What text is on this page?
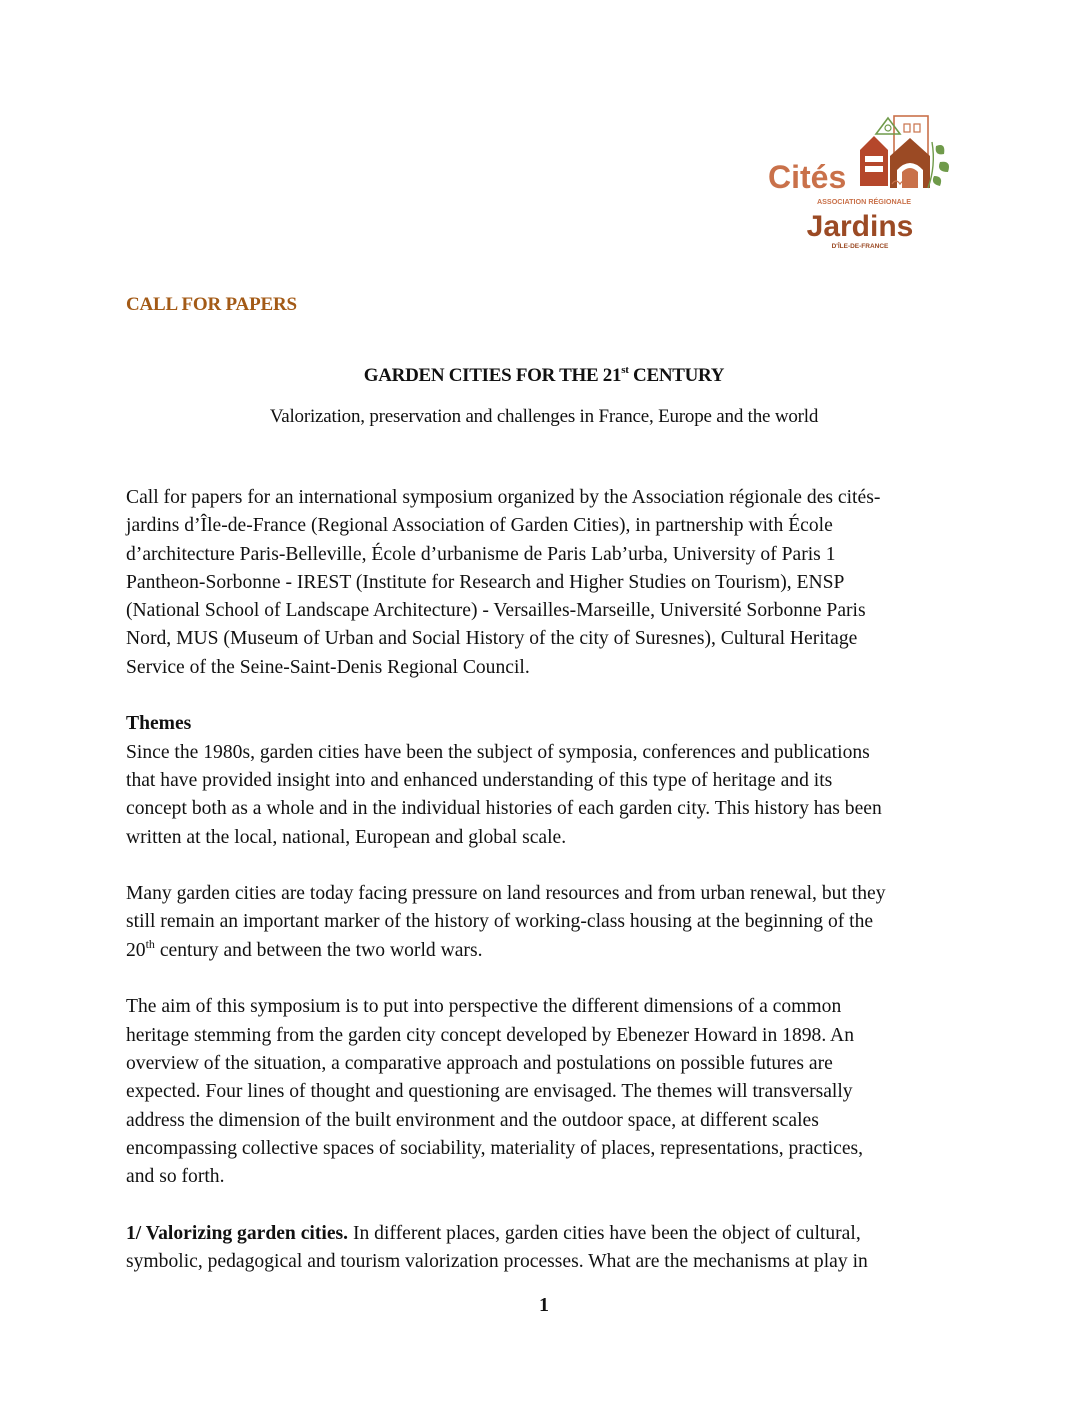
Cités
ASSOCIATION RÉGIONALE
Jardins
D'ÎLE-DE-FRANCE
CALL FOR PAPERS
GARDEN CITIES FOR THE 21st CENTURY
Valorization, preservation and challenges in France, Europe and the world

Call for papers for an international symposium organized by the Association régionale des cités-
jardins d’Île-de-France (Regional Association of Garden Cities), in partnership with École
d’architecture Paris-Belleville, École d’urbanisme de Paris Lab’urba, University of Paris 1
Pantheon-Sorbonne - IREST (Institute for Research and Higher Studies on Tourism), ENSP
(National School of Landscape Architecture) - Versailles-Marseille, Université Sorbonne Paris
Nord, MUS (Museum of Urban and Social History of the city of Suresnes), Cultural Heritage
Service of the Seine-Saint-Denis Regional Council.

Themes
Since the 1980s, garden cities have been the subject of symposia, conferences and publications
that have provided insight into and enhanced understanding of this type of heritage and its
concept both as a whole and in the individual histories of each garden city. This history has been
written at the local, national, European and global scale.

Many garden cities are today facing pressure on land resources and from urban renewal, but they
still remain an important marker of the history of working-class housing at the beginning of the
20th century and between the two world wars.

The aim of this symposium is to put into perspective the different dimensions of a common
heritage stemming from the garden city concept developed by Ebenezer Howard in 1898. An
overview of the situation, a comparative approach and postulations on possible futures are
expected. Four lines of thought and questioning are envisaged. The themes will transversally
address the dimension of the built environment and the outdoor space, at different scales
encompassing collective spaces of sociability, materiality of places, representations, practices,
and so forth.

1/ Valorizing garden cities. In different places, garden cities have been the object of cultural,
symbolic, pedagogical and tourism valorization processes. What are the mechanisms at play in

1
